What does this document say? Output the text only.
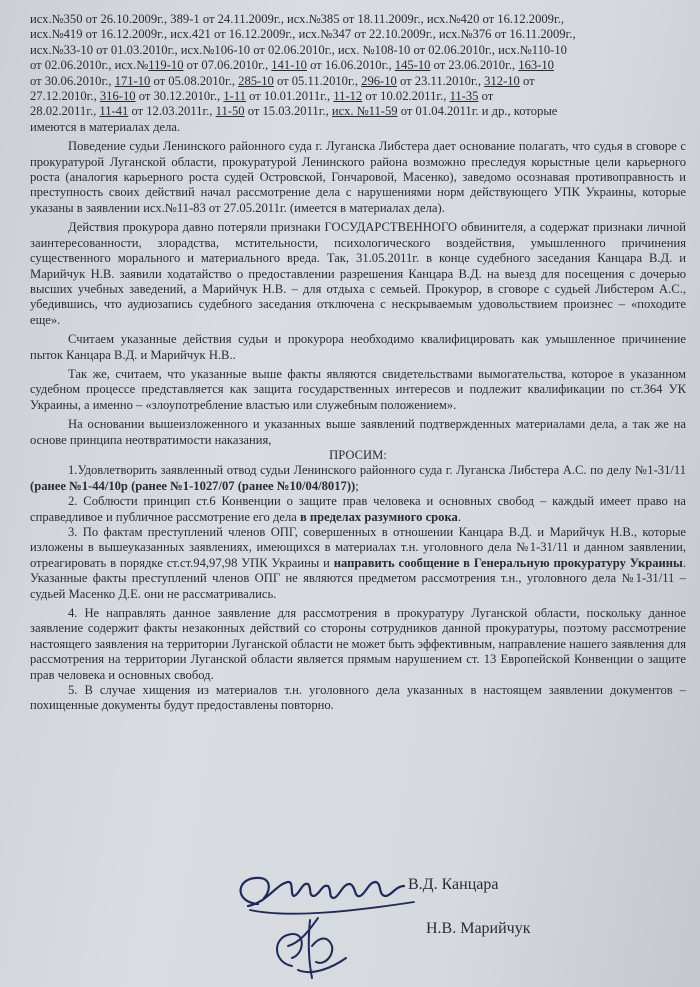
исх.№350 от 26.10.2009г., 389-1 от 24.11.2009г., исх.№385 от 18.11.2009г., исх.№420 от 16.12.2009г.,

исх.№419 от 16.12.2009г., исх.421 от 16.12.2009г., исх.№347 от 22.10.2009г., исх.№376 от 16.11.2009г.,

исх.№33-10 от 01.03.2010г., исх.№106-10 от 02.06.2010г., исх. №108-10 от 02.06.2010г., исх.№110-10

от 02.06.2010г., исх.№119-10 от 07.06.2010г., 141-10 от 16.06.2010г., 145-10 от 23.06.2010г., 163-10

от 30.06.2010г., 171-10 от 05.08.2010г., 285-10 от 05.11.2010г., 296-10 от 23.11.2010г., 312-10 от

27.12.2010г., 316-10 от 30.12.2010г., 1-11 от 10.01.2011г., 11-12 от 10.02.2011г., 11-35 от

28.02.2011г., 11-41 от 12.03.2011г., 11-50 от 15.03.2011г., исх. №11-59 от 01.04.2011г. и др., которые

имеются в материалах дела.

Поведение судьи Ленинского районного суда г. Луганска Либстера дает основание полагать, что судья в сговоре с прокуратурой Луганской области, прокуратурой Ленинского района возможно преследуя корыстные цели карьерного роста (аналогия карьерного роста судей Островской, Гончаровой, Масенко), заведомо осознавая противоправность и преступность своих действий начал рассмотрение дела с нарушениями норм действующего УПК Украины, которые указаны в заявлении исх.№11-83 от 27.05.2011г. (имеется в материалах дела).

Действия прокурора давно потеряли признаки ГОСУДАРСТВЕННОГО обвинителя, а содержат признаки личной заинтересованности, злорадства, мстительности, психологического воздействия, умышленного причинения существенного морального и материального вреда. Так, 31.05.2011г. в конце судебного заседания Канцара В.Д. и Марийчук Н.В. заявили ходатайство о предоставлении разрешения Канцара В.Д. на выезд для посещения с дочерью высших учебных заведений, а Марийчук Н.В. – для отдыха с семьей. Прокурор, в сговоре с судьей Либстером А.С., убедившись, что аудиозапись судебного заседания отключена с нескрываемым удовольствием произнес – «походите еще».

Считаем указанные действия судьи и прокурора необходимо квалифицировать как умышленное причинение пыток Канцара В.Д. и Марийчук Н.В..

Так же, считаем, что указанные выше факты являются свидетельствами вымогательства, которое в указанном судебном процессе представляется как защита государственных интересов и подлежит квалификации по ст.364 УК Украины, а именно – «злоупотребление властью или служебным положением».

На основании вышеизложенного и указанных выше заявлений подтвержденных материалами дела, а так же на основе принципа неотвратимости наказания,

ПРОСИМ:

1.Удовлетворить заявленный отвод судьи Ленинского районного суда г. Луганска Либстера А.С. по делу №1-31/11 (ранее №1-44/10р (ранее №1-1027/07 (ранее №10/04/8017));

2. Соблюсти принцип ст.6 Конвенции о защите прав человека и основных свобод – каждый имеет право на справедливое и публичное рассмотрение его дела в пределах разумного срока.

3. По фактам преступлений членов ОПГ, совершенных в отношении Канцара В.Д. и Марийчук Н.В., которые изложены в вышеуказанных заявлениях, имеющихся в материалах т.н. уголовного дела №1-31/11 и данном заявлении, отреагировать в порядке ст.ст.94,97,98 УПК Украины и направить сообщение в Генеральную прокуратуру Украины. Указанные факты преступлений членов ОПГ не являются предметом рассмотрения т.н., уголовного дела №1-31/11 – судьей Масенко Д.Е. они не рассматривались.

4. Не направлять данное заявление для рассмотрения в прокуратуру Луганской области, поскольку данное заявление содержит факты незаконных действий со стороны сотрудников данной прокуратуры, поэтому рассмотрение настоящего заявления на территории Луганской области не может быть эффективным, направление нашего заявления для рассмотрения на территории Луганской области является прямым нарушением ст. 13 Европейской Конвенции о защите прав человека и основных свобод.

5. В случае хищения из материалов т.н. уголовного дела указанных в настоящем заявлении документов – похищенные документы будут предоставлены повторно.

В.Д. Канцара
Н.В. Марийчук
